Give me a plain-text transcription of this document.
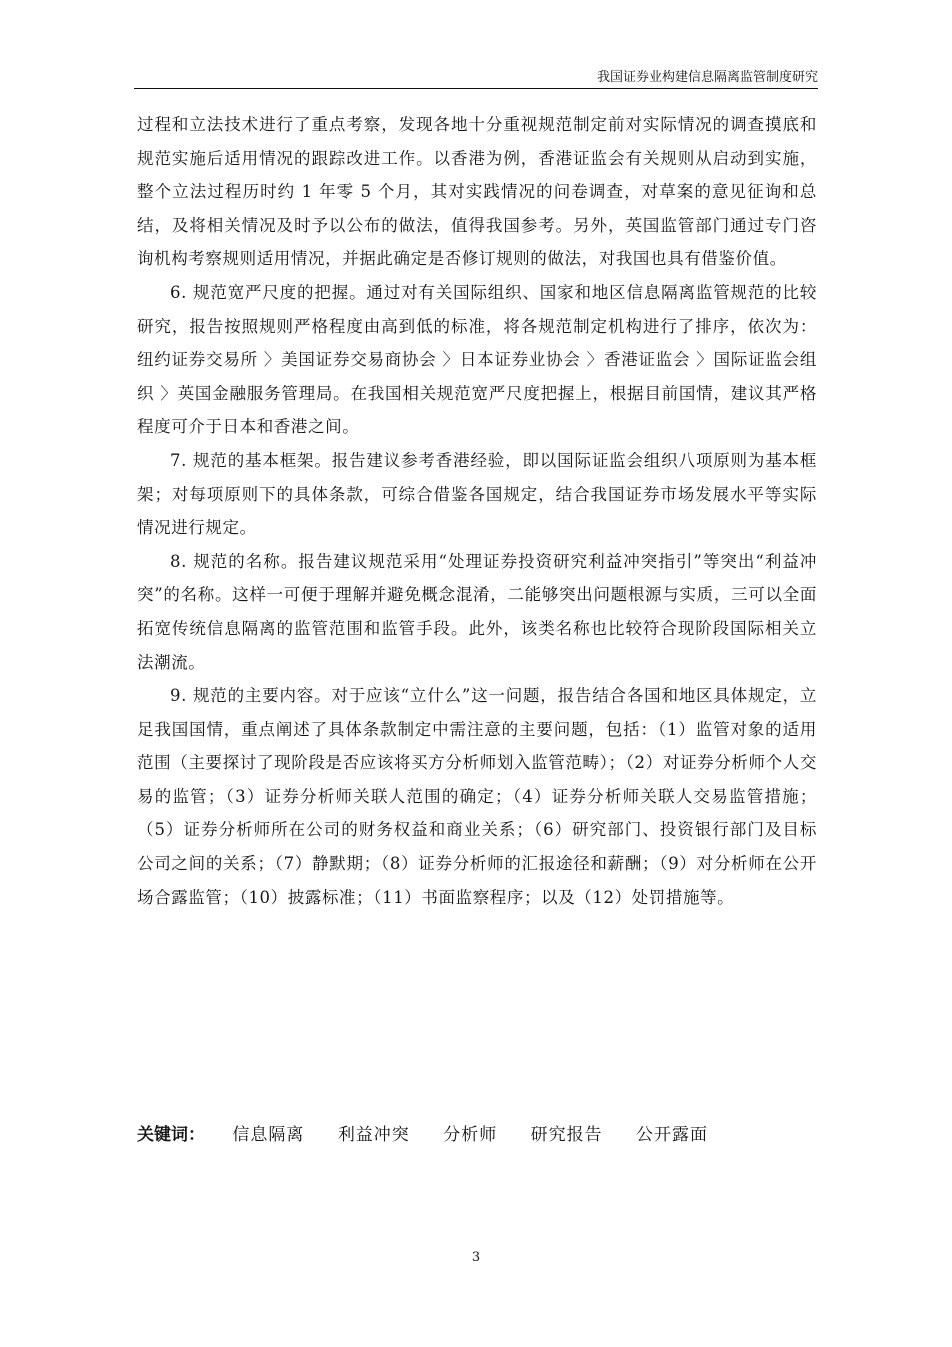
我国证券业构建信息隔离监管制度研究

过程和立法技术进行了重点考察，发现各地十分重视规范制定前对实际情况的调查摸底和规范实施后适用情况的跟踪改进工作。以香港为例，香港证监会有关规则从启动到实施，整个立法过程历时约 1 年零 5 个月，其对实践情况的问卷调查，对草案的意见征询和总结，及将相关情况及时予以公布的做法，值得我国参考。另外，英国监管部门通过专门咨询机构考察规则适用情况，并据此确定是否修订规则的做法，对我国也具有借鉴价值。

6. 规范宽严尺度的把握。通过对有关国际组织、国家和地区信息隔离监管规范的比较研究，报告按照规则严格程度由高到低的标准，将各规范制定机构进行了排序，依次为：纽约证券交易所 〉美国证券交易商协会 〉日本证券业协会 〉香港证监会 〉国际证监会组织 〉英国金融服务管理局。在我国相关规范宽严尺度把握上，根据目前国情，建议其严格程度可介于日本和香港之间。

7. 规范的基本框架。报告建议参考香港经验，即以国际证监会组织八项原则为基本框架；对每项原则下的具体条款，可综合借鉴各国规定，结合我国证券市场发展水平等实际情况进行规定。

8. 规范的名称。报告建议规范采用“处理证券投资研究利益冲突指引”等突出“利益冲突”的名称。这样一可便于理解并避免概念混淆，二能够突出问题根源与实质，三可以全面拓宽传统信息隔离的监管范围和监管手段。此外，该类名称也比较符合现阶段国际相关立法潮流。

9. 规范的主要内容。对于应该“立什么”这一问题，报告结合各国和地区具体规定，立足我国国情，重点阐述了具体条款制定中需注意的主要问题，包括：（1）监管对象的适用范围（主要探讨了现阶段是否应该将买方分析师划入监管范畴）；（2）对证券分析师个人交易的监管；（3）证券分析师关联人范围的确定；（4）证券分析师关联人交易监管措施；（5）证券分析师所在公司的财务权益和商业关系；（6）研究部门、投资银行部门及目标公司之间的关系；（7）静默期；（8）证券分析师的汇报途径和薪酬；（9）对分析师在公开场合露监管；（10）披露标准；（11）书面监察程序；以及（12）处罚措施等。

关键词： 信息隔离 利益冲突 分析师 研究报告 公开露面
3
